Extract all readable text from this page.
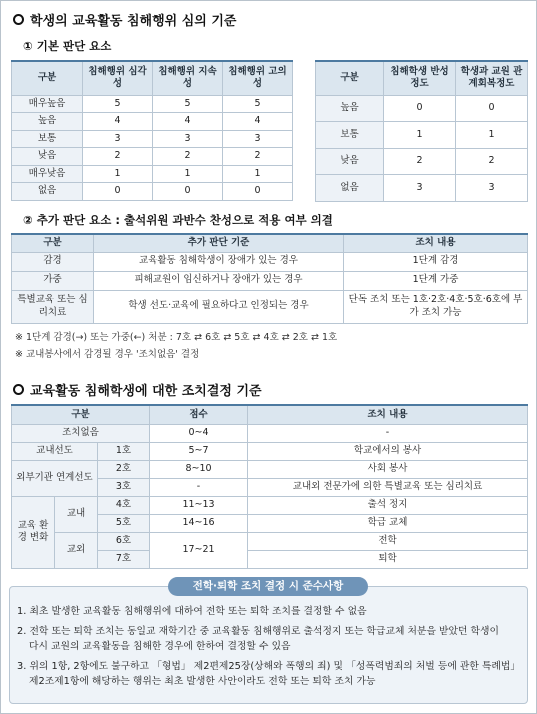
학생의 교육활동 침해행위 심의 기준
① 기본 판단 요소
구분	침해행위 심각성	침해행위 지속성	침해행위 고의성
매우높음	5	5	5
높음	4	4	4
보통	3	3	3
낮음	2	2	2
매우낮음	1	1	1
없음	0	0	0
구분	침해학생 반성 정도	학생과 교원 관계회복정도
높음	0	0
보통	1	1
낮음	2	2
없음	3	3
② 추가 판단 요소 : 출석위원 과반수 찬성으로 적용 여부 의결
구분	추가 판단 기준	조치 내용
감경	교육활동 침해학생이 장애가 있는 경우	1단계 감경
가중	피해교원이 임신하거나 장애가 있는 경우	1단계 가중
특별교육 또는 심리치료	학생 선도·교육에 필요하다고 인정되는 경우	단독 조치 또는 1호·2호·4호·5호·6호에 부가 조치 가능
※ 1단계 감경(→) 또는 가중(←) 처분 : 7호 ⇄ 6호 ⇄ 5호 ⇄ 4호 ⇄ 2호 ⇄ 1호
※ 교내봉사에서 감경될 경우 '조치없음' 결정
교육활동 침해학생에 대한 조치결정 기준
구분			점수	조치 내용
조치없음			0~4	-
교내선도		1호	5~7	학교에서의 봉사
외부기관 연계선도		2호	8~10	사회 봉사
		3호	-	교내외 전문가에 의한 특별교육 또는 심리치료
교육 환경 변화	교내	4호	11~13	출석 정지
		5호	14~16	학급 교체
	교외	6호	17~21	전학
		7호		퇴학
전학·퇴학 조치 결정 시 준수사항
1. 최초 발생한 교육활동 침해행위에 대하여 전학 또는 퇴학 조치를 결정할 수 없음
2. 전학 또는 퇴학 조치는 동일교 재학기간 중 교육활동 침해행위로 출석정지 또는 학급교체 처분을 받았던 학생이
다시 교원의 교육활동을 침해한 경우에 한하여 결정할 수 있음
3. 위의 1항, 2항에도 불구하고 「형법」 제2편제25장(상해와 폭행의 죄) 및 「성폭력범죄의 처벌 등에 관한 특례법」
제2조제1항에 해당하는 행위는 최초 발생한 사안이라도 전학 또는 퇴학 조치 가능
